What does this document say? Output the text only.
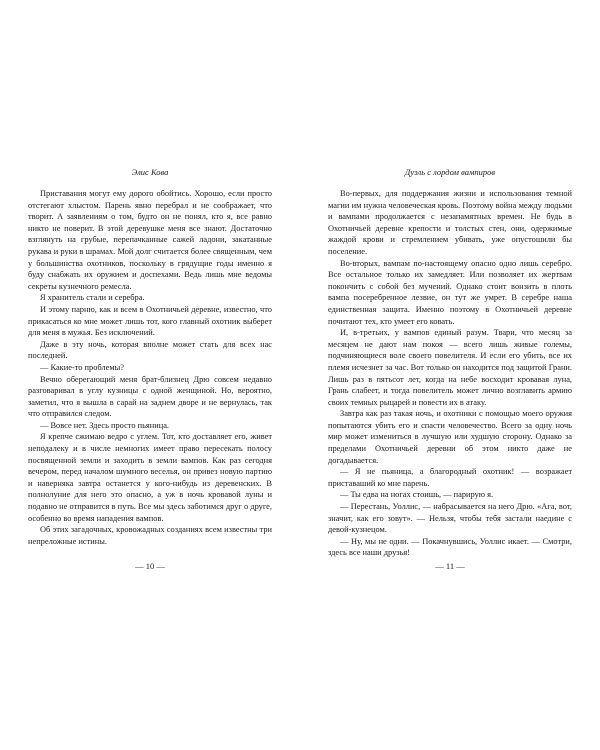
Элис Кова

Приставания могут ему дорого обойтись. Хорошо, если просто отстегают хлыстом. Парень явно перебрал и не соображает, что творит. А заявлениям о том, будто он не понял, кто я, все равно никто не поверит. В этой деревушке меня все знают. Достаточно взглянуть на грубые, перепачканные сажей ладони, закатанные рукава и руки в шрамах. Мой долг считается более священным, чем у большинства охотников, поскольку в грядущие годы именно я буду снабжать их оружием и доспехами. Ведь лишь мне ведомы секреты кузнечного ремесла.

Я хранитель стали и серебра.

И этому парню, как и всем в Охотничьей деревне, известно, что прикасаться ко мне может лишь тот, кого главный охотник выберет для меня в мужья. Без исключений.

Даже в эту ночь, которая вполне может стать для всех нас последней.

— Какие-то проблемы?

Вечно оберегающий меня брат-близнец Дрю совсем недавно разговаривал в углу кузницы с одной женщиной. Но, вероятно, заметил, что я вышла в сарай на заднем дворе и не вернулась, так что отправился следом.

— Вовсе нет. Здесь просто пьяница.

Я крепче сжимаю ведро с углем. Тот, кто доставляет его, живет неподалеку и в числе немногих имеет право пересекать полосу посвященной земли и заходить в земли вампов. Как раз сегодня вечером, перед началом шумного веселья, он привез новую партию и наверняка завтра останется у кого-нибудь из деревенских. В полнолуние для него это опасно, а уж в ночь кровавой луны и подавно не отправится в путь. Все мы здесь заботимся друг о друге, особенно во время нападения вампов.

Об этих загадочных, кровожадных созданиях всем известны три непреложные истины.

— 10 —
Дуэль с лордом вампиров

Во-первых, для поддержания жизни и использования темной магии им нужна человеческая кровь. Поэтому война между людьми и вампами продолжается с незапамятных времен. Не будь в Охотничьей деревне крепости и толстых стен, они, одержимые жаждой крови и стремлением убивать, уже опустошили бы поселение.

Во-вторых, вампам по-настоящему опасно одно лишь серебро. Все остальное только их замедляет. Или позволяет их жертвам покончить с собой без мучений. Однако стоит вонзить в плоть вампа посеребренное лезвие, он тут же умрет. В серебре наша единственная защита. Именно поэтому в Охотничьей деревне почитают тех, кто умеет его ковать.

И, в-третьих, у вампов единый разум. Твари, что месяц за месяцем не дают нам покоя — всего лишь живые големы, подчиняющиеся воле своего повелителя. И если его убить, все их племя исчезнет за час. Вот только он находится под защитой Грани. Лишь раз в пятьсот лет, когда на небе восходит кровавая луна, Грань слабеет, и тогда повелитель может лично возглавить армию своих темных рыцарей и повести их в атаку.

Завтра как раз такая ночь, и охотники с помощью моего оружия попытаются убить его и спасти человечество. Всего за одну ночь мир может измениться в лучшую или худшую сторону. Однако за пределами Охотничьей деревни об этом никто даже не догадывается.

— Я не пьяница, а благородный охотник! — возражает приставаший ко мне парень.

— Ты едва на ногах стоишь, — парирую я.

— Перестань, Уоллис, — набрасывается на него Дрю. «Ага, вот, значит, как его зовут». — Нельзя, чтобы тебя застали наедине с девой-кузнецом.

— Ну, мы не одни. — Покачнувшись, Уоллис икает. — Смотри, здесь все наши друзья!

— 11 —
